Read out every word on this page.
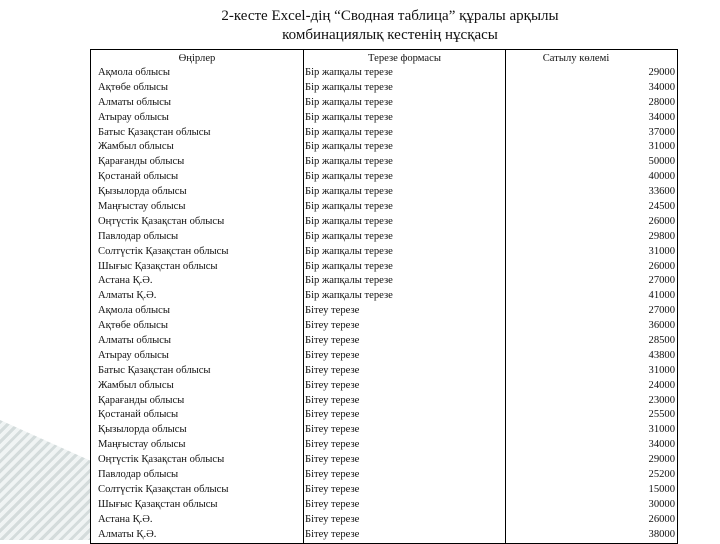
2-кесте Excel-дің “Сводная таблица” құралы арқылы
комбинациялық кестенің нұсқасы
Өңірлер	Терезе формасы	Сатылу көлемі
Ақмола облысы	Бір жапқалы терезе	29000
Ақтөбе облысы	Бір жапқалы терезе	34000
Алматы облысы	Бір жапқалы терезе	28000
Атырау облысы	Бір жапқалы терезе	34000
Батыс Қазақстан облысы	Бір жапқалы терезе	37000
Жамбыл облысы	Бір жапқалы терезе	31000
Қарағанды облысы	Бір жапқалы терезе	50000
Қостанай облысы	Бір жапқалы терезе	40000
Қызылорда облысы	Бір жапқалы терезе	33600
Маңғыстау облысы	Бір жапқалы терезе	24500
Оңтүстік Қазақстан облысы	Бір жапқалы терезе	26000
Павлодар облысы	Бір жапқалы терезе	29800
Солтүстік Қазақстан облысы	Бір жапқалы терезе	31000
Шығыс Қазақстан облысы	Бір жапқалы терезе	26000
Астана Қ.Ә.	Бір жапқалы терезе	27000
Алматы Қ.Ә.	Бір жапқалы терезе	41000
Ақмола облысы	Бітеу терезе	27000
Ақтөбе облысы	Бітеу терезе	36000
Алматы облысы	Бітеу терезе	28500
Атырау облысы	Бітеу терезе	43800
Батыс Қазақстан облысы	Бітеу терезе	31000
Жамбыл облысы	Бітеу терезе	24000
Қарағанды облысы	Бітеу терезе	23000
Қостанай облысы	Бітеу терезе	25500
Қызылорда облысы	Бітеу терезе	31000
Маңғыстау облысы	Бітеу терезе	34000
Оңтүстік Қазақстан облысы	Бітеу терезе	29000
Павлодар облысы	Бітеу терезе	25200
Солтүстік Қазақстан облысы	Бітеу терезе	15000
Шығыс Қазақстан облысы	Бітеу терезе	30000
Астана Қ.Ә.	Бітеу терезе	26000
Алматы Қ.Ә.	Бітеу терезе	38000
